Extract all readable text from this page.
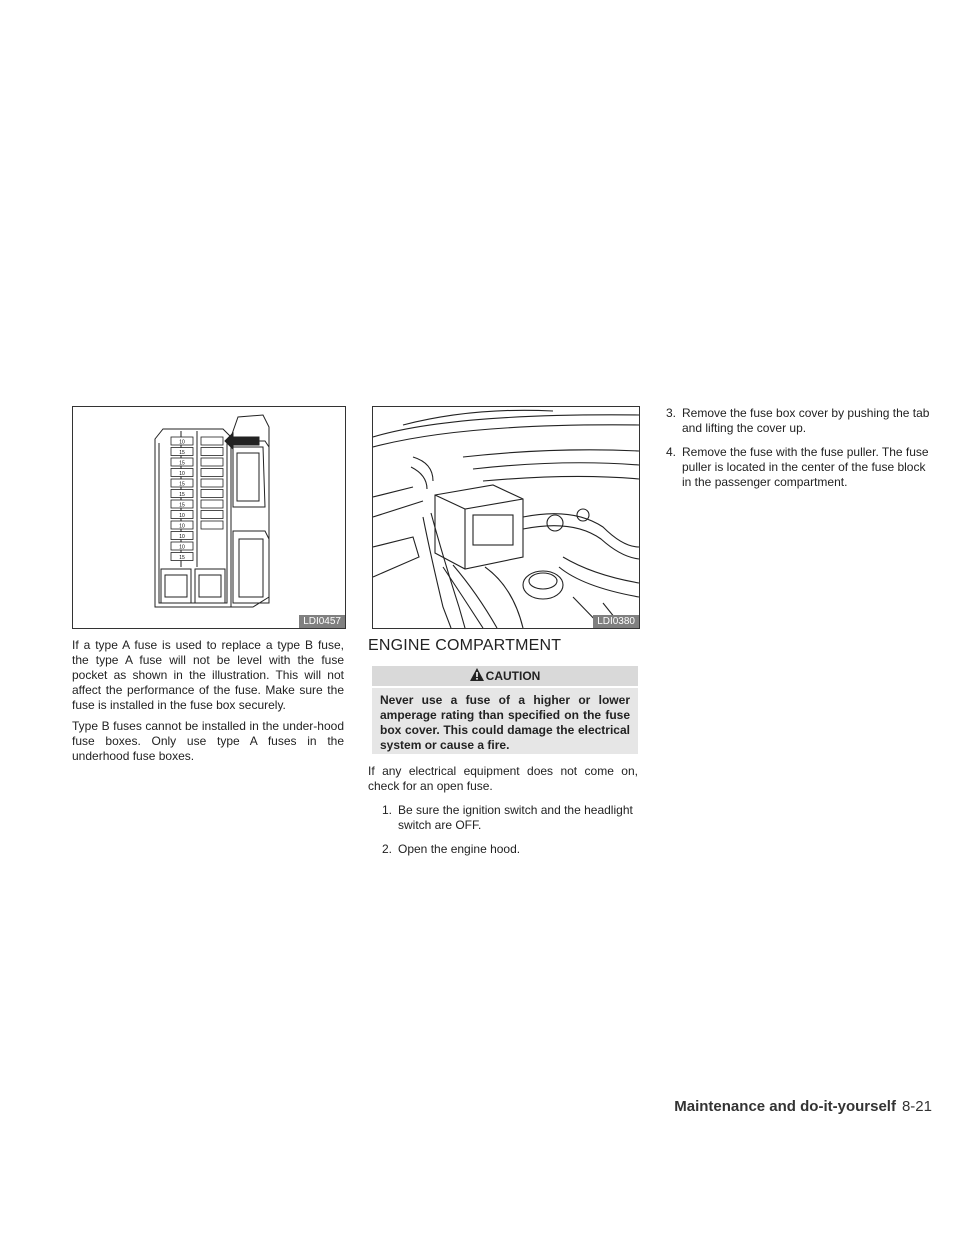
10
15
15
10
15
15
15
10
10
10
10
15
LDI0457	LDI0380

If a type A fuse is used to replace a type B fuse, the type A fuse will not be level with the fuse pocket as shown in the illustration. This will not affect the performance of the fuse. Make sure the fuse is installed in the fuse box securely.

Type B fuses cannot be installed in the under-hood fuse boxes. Only use type A fuses in the underhood fuse boxes.

ENGINE COMPARTMENT
CAUTION
Never use a fuse of a higher or lower amperage rating than specified on the fuse box cover. This could damage the electrical system or cause a fire.

If any electrical equipment does not come on, check for an open fuse.

1. Be sure the ignition switch and the headlight switch are OFF.
2. Open the engine hood.
3. Remove the fuse box cover by pushing the tab and lifting the cover up.
4. Remove the fuse with the fuse puller. The fuse puller is located in the center of the fuse block in the passenger compartment.
Maintenance and do-it-yourself 8-21
